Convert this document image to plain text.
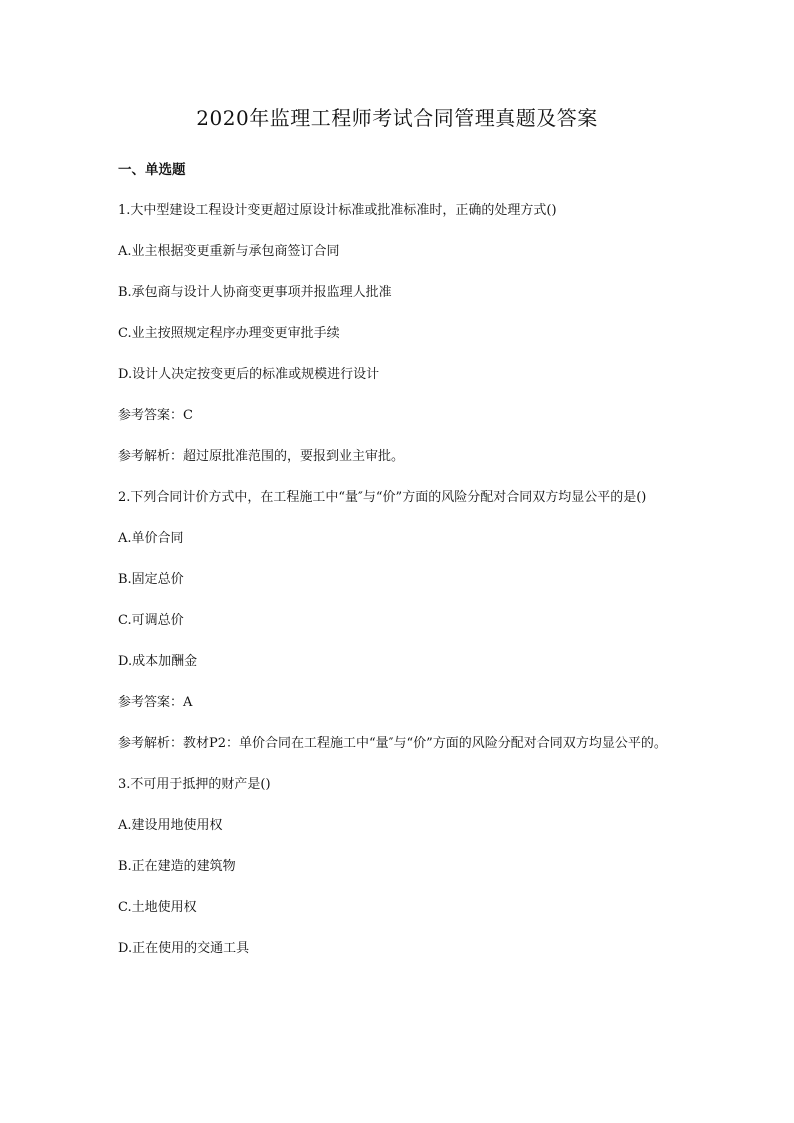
2020年监理工程师考试合同管理真题及答案
一、单选题
1.大中型建设工程设计变更超过原设计标准或批准标准时，正确的处理方式()
A.业主根据变更重新与承包商签订合同
B.承包商与设计人协商变更事项并报监理人批准
C.业主按照规定程序办理变更审批手续
D.设计人决定按变更后的标准或规模进行设计
参考答案：C
参考解析：超过原批准范围的，要报到业主审批。
2.下列合同计价方式中，在工程施工中“量″与“价”方面的风险分配对合同双方均显公平的是()
A.单价合同
B.固定总价
C.可调总价
D.成本加酬金
参考答案：A
参考解析：教材P2：单价合同在工程施工中“量″与“价”方面的风险分配对合同双方均显公平的。
3.不可用于抵押的财产是()
A.建设用地使用权
B.正在建造的建筑物
C.土地使用权
D.正在使用的交通工具
